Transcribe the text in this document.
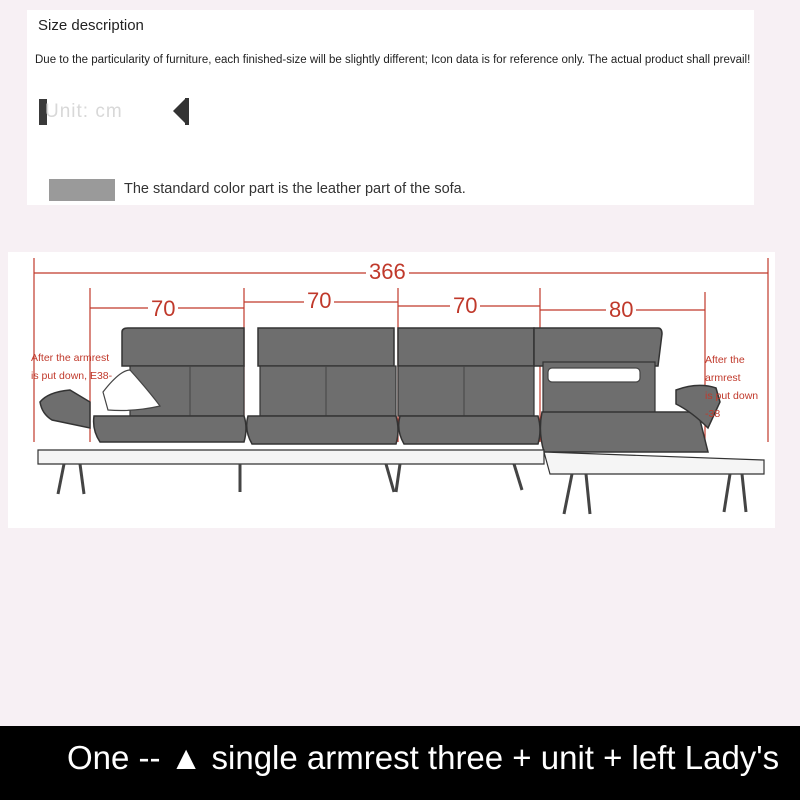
Size description
Due to the particularity of furniture, each finished-size will be slightly different; Icon data is for reference only. The actual product shall prevail!
Unit: cm
The standard color part is the leather part of the sofa.
366
70	70	70	80
After the armrest
is put down, E38-
After the armrest
is put down -38
One -- ▲ single armrest three + unit + left Lady's
